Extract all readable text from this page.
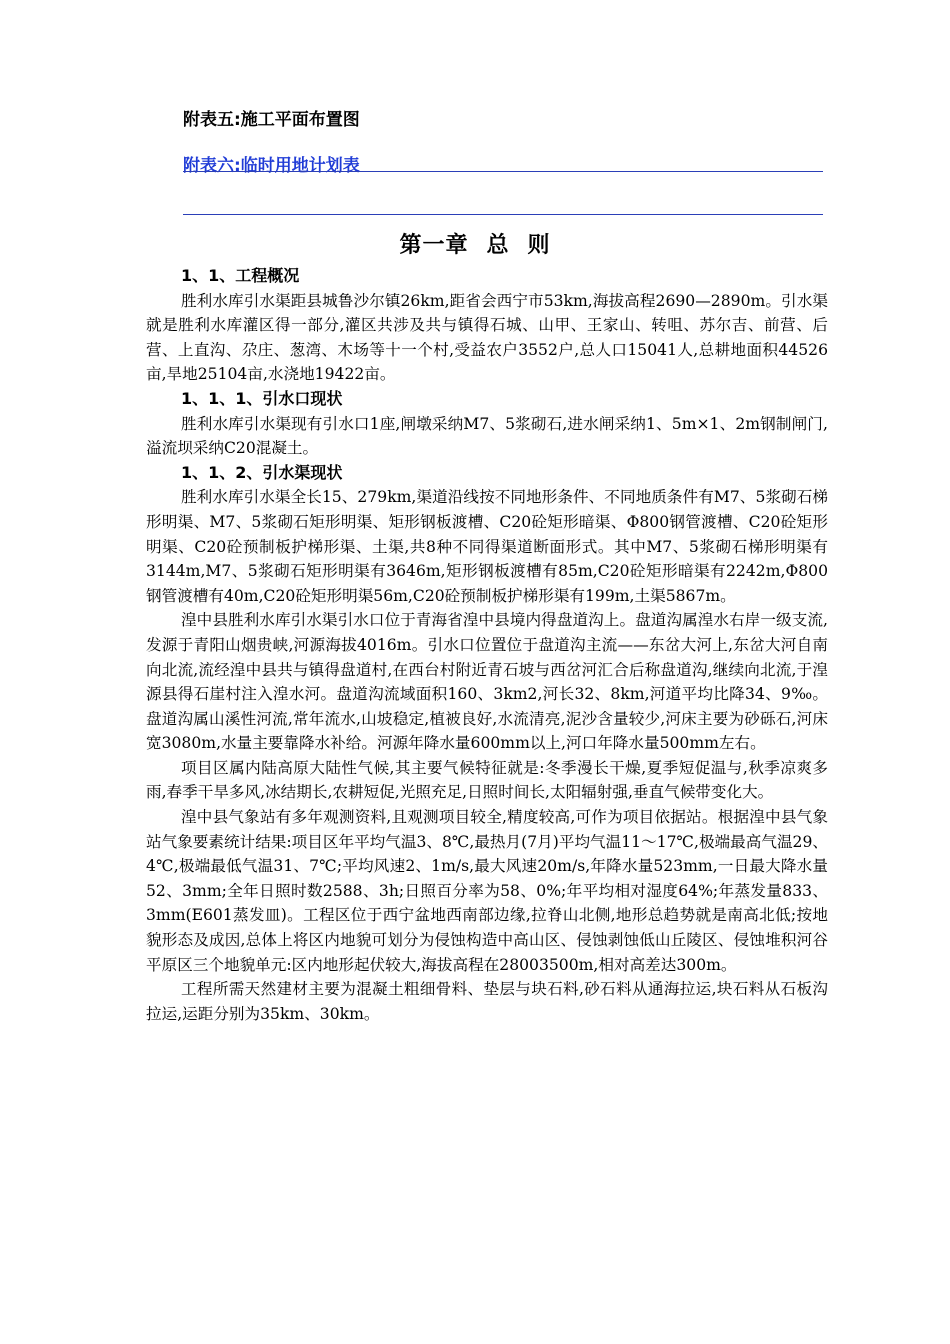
附表五:施工平面布置图
附表六:临时用地计划表
第一章 总 则

1、1、工程概况

胜利水库引水渠距县城鲁沙尔镇26km,距省会西宁市53km,海拔高程2690—2890m。引水渠就是胜利水库灌区得一部分,灌区共涉及共与镇得石城、山甲、王家山、转咀、苏尔吉、前营、后营、上直沟、尕庄、葱湾、木场等十一个村,受益农户3552户,总人口15041人,总耕地面积44526亩,旱地25104亩,水浇地19422亩。

1、1、1、引水口现状

胜利水库引水渠现有引水口1座,闸墩采纳M7、5浆砌石,进水闸采纳1、5m×1、2m钢制闸门,溢流坝采纳C20混凝土。

1、1、2、引水渠现状

胜利水库引水渠全长15、279km,渠道沿线按不同地形条件、不同地质条件有M7、5浆砌石梯形明渠、M7、5浆砌石矩形明渠、矩形钢板渡槽、C20砼矩形暗渠、Φ800钢管渡槽、C20砼矩形明渠、C20砼预制板护梯形渠、土渠,共8种不同得渠道断面形式。其中M7、5浆砌石梯形明渠有3144m,M7、5浆砌石矩形明渠有3646m,矩形钢板渡槽有85m,C20砼矩形暗渠有2242m,Φ800钢管渡槽有40m,C20砼矩形明渠56m,C20砼预制板护梯形渠有199m,土渠5867m。

湟中县胜利水库引水渠引水口位于青海省湟中县境内得盘道沟上。盘道沟属湟水右岸一级支流,发源于青阳山烟贵峡,河源海拔4016m。引水口位置位于盘道沟主流——东岔大河上,东岔大河自南向北流,流经湟中县共与镇得盘道村,在西台村附近青石坡与西岔河汇合后称盘道沟,继续向北流,于湟源县得石崖村注入湟水河。盘道沟流域面积160、3km2,河长32、8km,河道平均比降34、9‰。盘道沟属山溪性河流,常年流水,山坡稳定,植被良好,水流清亮,泥沙含量较少,河床主要为砂砾石,河床宽3080m,水量主要靠降水补给。河源年降水量600mm以上,河口年降水量500mm左右。

项目区属内陆高原大陆性气候,其主要气候特征就是:冬季漫长干燥,夏季短促温与,秋季凉爽多雨,春季干旱多风,冰结期长,农耕短促,光照充足,日照时间长,太阳辐射强,垂直气候带变化大。

湟中县气象站有多年观测资料,且观测项目较全,精度较高,可作为项目依据站。根据湟中县气象站气象要素统计结果:项目区年平均气温3、8℃,最热月(7月)平均气温11～17℃,极端最高气温29、4℃,极端最低气温31、7℃;平均风速2、1m/s,最大风速20m/s,年降水量523mm,一日最大降水量52、3mm;全年日照时数2588、3h;日照百分率为58、0%;年平均相对湿度64%;年蒸发量833、3mm(E601蒸发皿)。工程区位于西宁盆地西南部边缘,拉脊山北侧,地形总趋势就是南高北低;按地貌形态及成因,总体上将区内地貌可划分为侵蚀构造中高山区、侵蚀剥蚀低山丘陵区、侵蚀堆积河谷平原区三个地貌单元:区内地形起伏较大,海拔高程在28003500m,相对高差达300m。

工程所需天然建材主要为混凝土粗细骨料、垫层与块石料,砂石料从通海拉运,块石料从石板沟拉运,运距分别为35km、30km。
